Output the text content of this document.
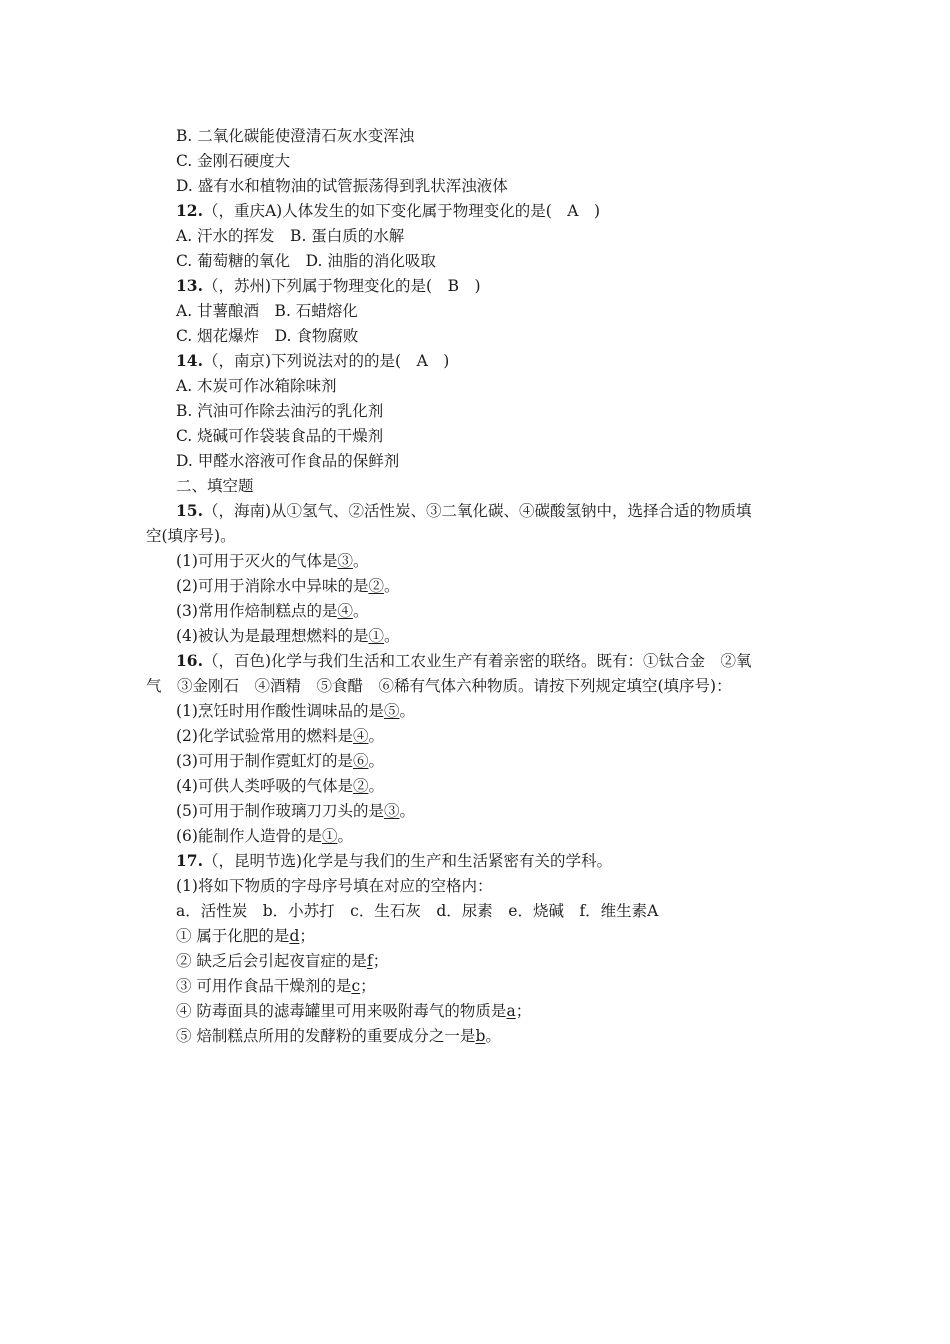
B. 二氧化碳能使澄清石灰水变浑浊
C. 金刚石硬度大
D. 盛有水和植物油的试管振荡得到乳状浑浊液体
12.（，重庆A)人体发生的如下变化属于物理变化的是(　A　)
A. 汗水的挥发　B. 蛋白质的水解
C. 葡萄糖的氧化　D. 油脂的消化吸取
13.（，苏州)下列属于物理变化的是(　B　)
A. 甘薯酿酒　B. 石蜡熔化
C. 烟花爆炸　D. 食物腐败
14.（，南京)下列说法对的的是(　A　)
A. 木炭可作冰箱除味剂
B. 汽油可作除去油污的乳化剂
C. 烧碱可作袋装食品的干燥剂
D. 甲醛水溶液可作食品的保鲜剂
二、填空题
15.（，海南)从①氢气、②活性炭、③二氧化碳、④碳酸氢钠中，选择合适的物质填
空(填序号)。
(1)可用于灭火的气体是③。
(2)可用于消除水中异味的是②。
(3)常用作焙制糕点的是④。
(4)被认为是最理想燃料的是①。
16.（，百色)化学与我们生活和工农业生产有着亲密的联络。既有：①钛合金　②氧
气　③金刚石　④酒精　⑤食醋　⑥稀有气体六种物质。请按下列规定填空(填序号)：
(1)烹饪时用作酸性调味品的是⑤。
(2)化学试验常用的燃料是④。
(3)可用于制作霓虹灯的是⑥。
(4)可供人类呼吸的气体是②。
(5)可用于制作玻璃刀刀头的是③。
(6)能制作人造骨的是①。
17.（，昆明节选)化学是与我们的生产和生活紧密有关的学科。
(1)将如下物质的字母序号填在对应的空格内：
a．活性炭　b．小苏打　c．生石灰　d．尿素　e．烧碱　f．维生素A
① 属于化肥的是d；
② 缺乏后会引起夜盲症的是f；
③ 可用作食品干燥剂的是c；
④ 防毒面具的滤毒罐里可用来吸附毒气的物质是a；
⑤ 焙制糕点所用的发酵粉的重要成分之一是b。
